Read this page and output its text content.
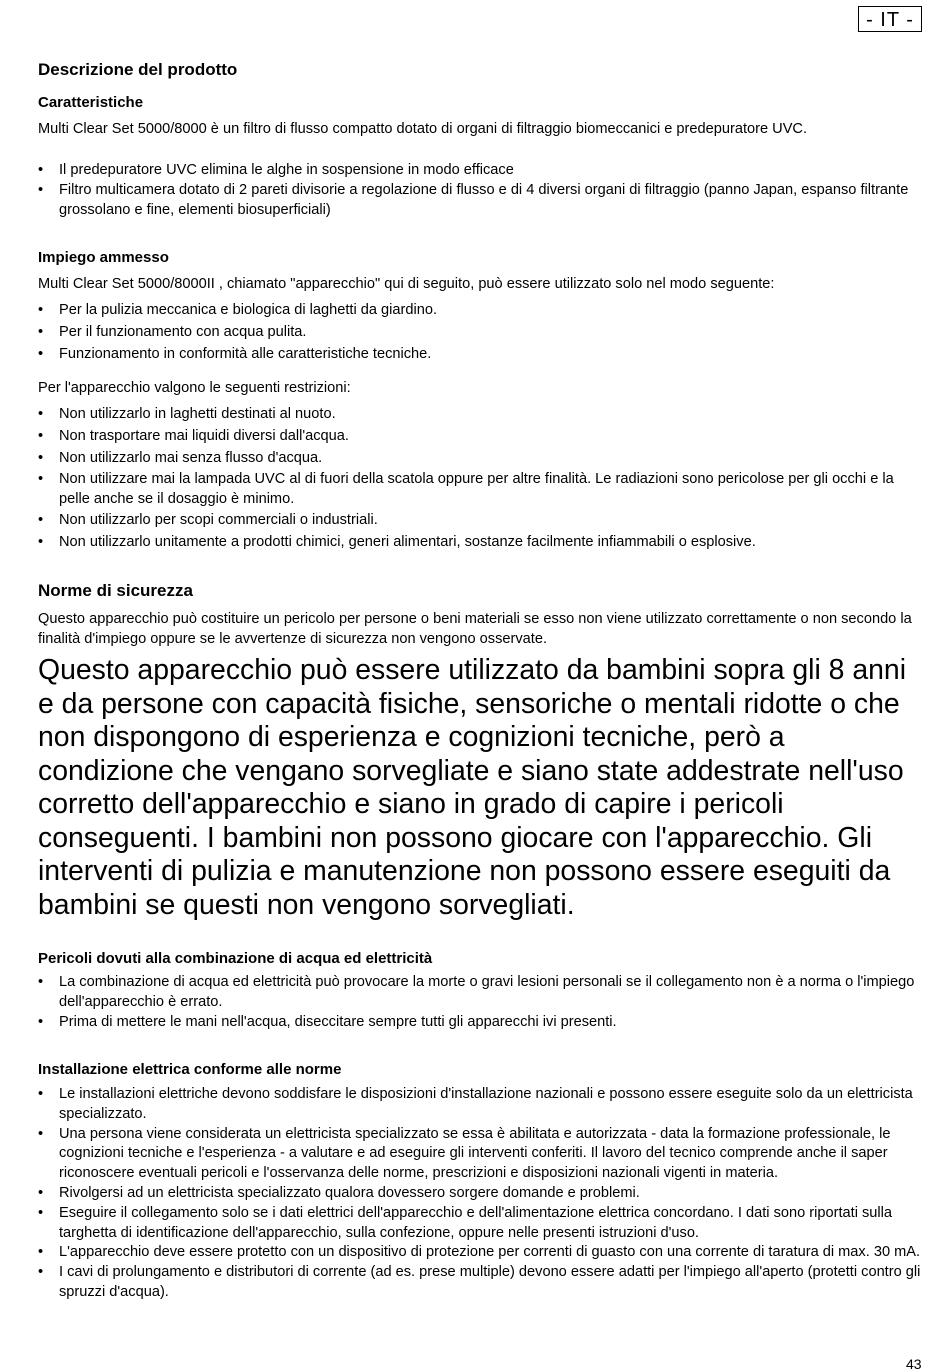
- IT -
Descrizione del prodotto
Caratteristiche

Multi Clear Set 5000/8000 è un filtro di flusso compatto dotato di organi di filtraggio biomeccanici e predepuratore UVC.

• Il predepuratore UVC elimina le alghe in sospensione in modo efficace
• Filtro multicamera dotato di 2 pareti divisorie a regolazione di flusso e di 4 diversi organi di filtraggio (panno Japan, espanso filtrante grossolano e fine, elementi biosuperficiali)
Impiego ammesso

Multi Clear Set 5000/8000II , chiamato "apparecchio" qui di seguito, può essere utilizzato solo nel modo seguente:

• Per la pulizia meccanica e biologica di laghetti da giardino.
• Per il funzionamento con acqua pulita.
• Funzionamento in conformità alle caratteristiche tecniche.

Per l'apparecchio valgono le seguenti restrizioni:

• Non utilizzarlo in laghetti destinati al nuoto.
• Non trasportare mai liquidi diversi dall'acqua.
• Non utilizzarlo mai senza flusso d'acqua.
• Non utilizzare mai la lampada UVC al di fuori della scatola oppure per altre finalità. Le radiazioni sono pericolose per gli occhi e la pelle anche se il dosaggio è minimo.
• Non utilizzarlo per scopi commerciali o industriali.
• Non utilizzarlo unitamente a prodotti chimici, generi alimentari, sostanze facilmente infiammabili o esplosive.
Norme di sicurezza

Questo apparecchio può costituire un pericolo per persone o beni materiali se esso non viene utilizzato correttamente o non secondo la finalità d'impiego oppure se le avvertenze di sicurezza non vengono osservate.

Questo apparecchio può essere utilizzato da bambini sopra gli 8 anni e da persone con capacità fisiche, sensoriche o mentali ridotte o che non dispongono di esperienza e cognizioni tecniche, però a condizione che vengano sorvegliate e siano state addestrate nell'uso corretto dell'apparecchio e siano in grado di capire i pericoli conseguenti. I bambini non possono giocare con l'apparecchio. Gli interventi di pulizia e manutenzione non possono essere eseguiti da bambini se questi non vengono sorvegliati.

Pericoli dovuti alla combinazione di acqua ed elettricità
• La combinazione di acqua ed elettricità può provocare la morte o gravi lesioni personali se il collegamento non è a norma o l'impiego dell'apparecchio è errato.
• Prima di mettere le mani nell'acqua, diseccitare sempre tutti gli apparecchi ivi presenti.
Installazione elettrica conforme alle norme
• Le installazioni elettriche devono soddisfare le disposizioni d'installazione nazionali e possono essere eseguite solo da un elettricista specializzato.
• Una persona viene considerata un elettricista specializzato se essa è abilitata e autorizzata - data la formazione professionale, le cognizioni tecniche e l'esperienza - a valutare e ad eseguire gli interventi conferiti. Il lavoro del tecnico comprende anche il saper riconoscere eventuali pericoli e l'osservanza delle norme, prescrizioni e disposizioni nazionali vigenti in materia.
• Rivolgersi ad un elettricista specializzato qualora dovessero sorgere domande e problemi.
• Eseguire il collegamento solo se i dati elettrici dell'apparecchio e dell'alimentazione elettrica concordano. I dati sono riportati sulla targhetta di identificazione dell'apparecchio, sulla confezione, oppure nelle presenti istruzioni d'uso.
• L'apparecchio deve essere protetto con un dispositivo di protezione per correnti di guasto con una corrente di taratura di max. 30 mA.
• I cavi di prolungamento e distributori di corrente (ad es. prese multiple) devono essere adatti per l'impiego all'aperto (protetti contro gli spruzzi d'acqua).
43
